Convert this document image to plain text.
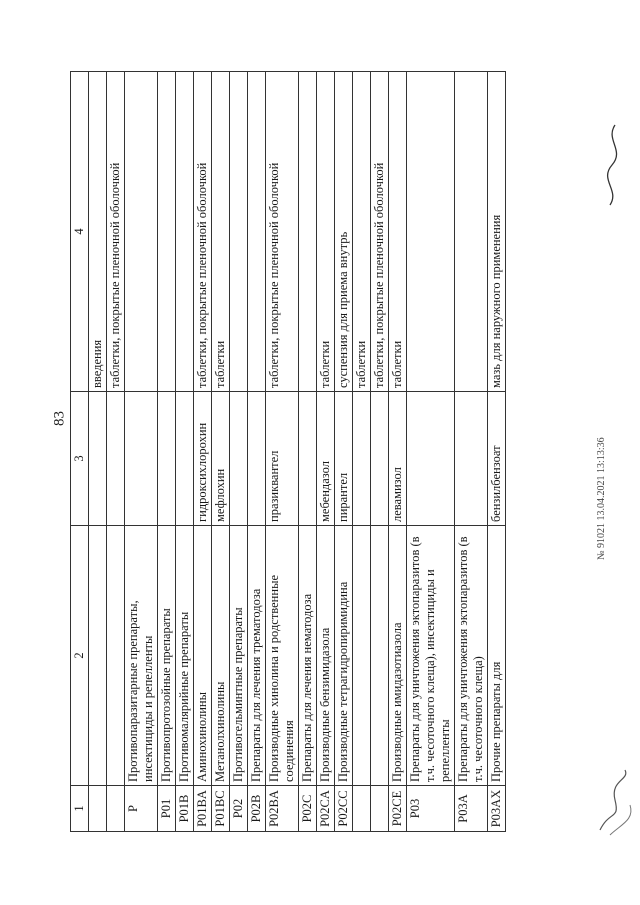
83
1	2	3	4
			введения
			таблетки, покрытые пленочной оболочкой
P	Противопаразитарные препараты, инсектициды и репелленты		
P01	Противопротозойные препараты		
P01B	Противомалярийные препараты		
P01BA	Аминохинолины	гидроксихлорохин	таблетки, покрытые пленочной оболочкой
P01BC	Метанолхинолины	мефлохин	таблетки
P02	Противогельминтные препараты		
P02B	Препараты для лечения трематодоза		
P02BA	Производные хинолина и родственные соединения	празиквантел	таблетки, покрытые пленочной оболочкой
P02C	Препараты для лечения нематодоза		
P02CA	Производные бензимидазола	мебендазол	таблетки
P02CC	Производные тетрагидропиримидина	пирантел	суспензия для приема внутрь
			таблетки
			таблетки, покрытые пленочной оболочкой
P02CE	Производные имидазотиазола	левамизол	таблетки
P03	Препараты для уничтожения эктопаразитов (в т.ч. чесоточного клеща), инсектициды и репелленты		
P03A	Препараты для уничтожения эктопаразитов (в т.ч. чесоточного клеща)		
P03AX	Прочие препараты для	бензилбензоат	мазь для наружного применения
№ 91021 13.04.2021 13:13:36
